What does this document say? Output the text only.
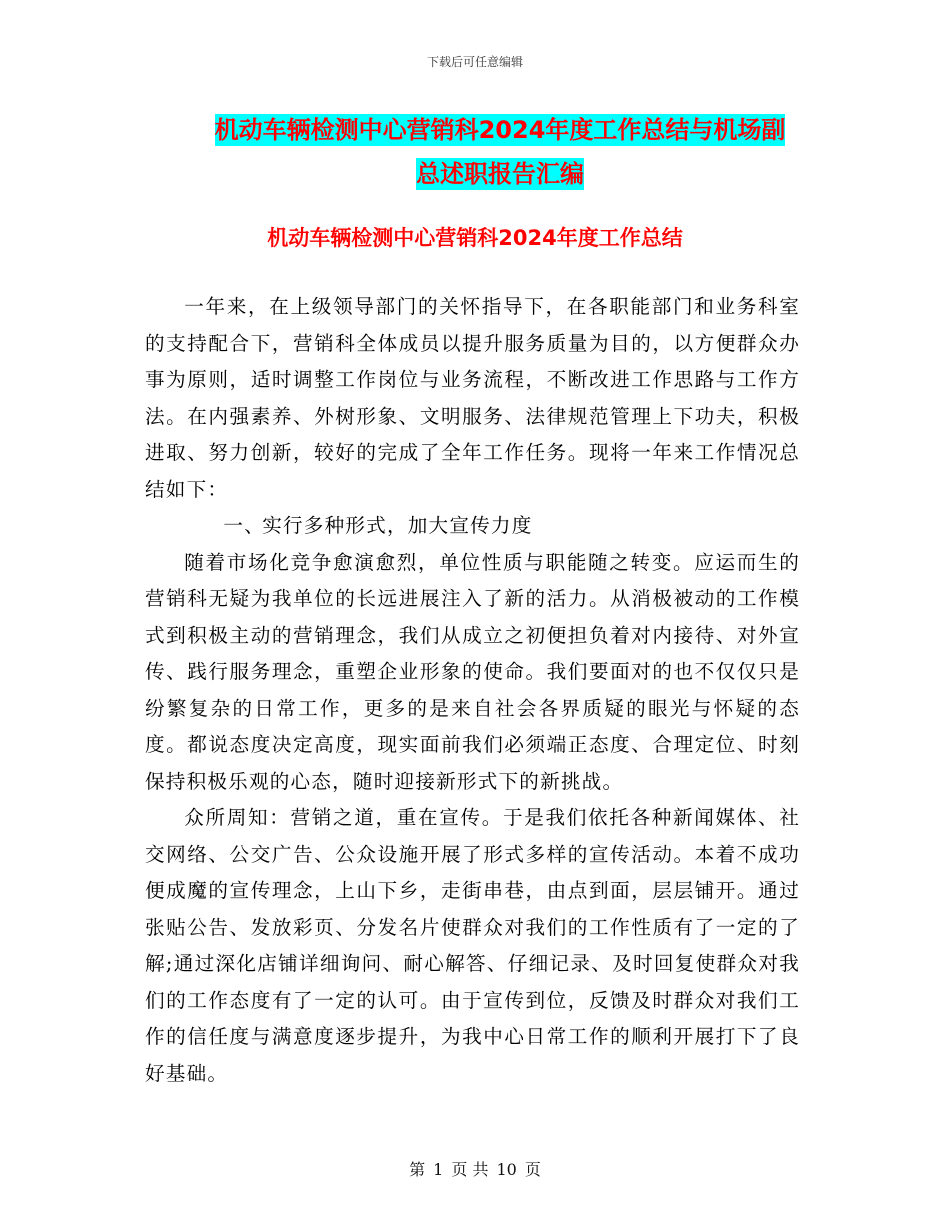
下载后可任意编辑
机动车辆检测中心营销科2024年度工作总结与机场副
总述职报告汇编
机动车辆检测中心营销科2024年度工作总结

一年来，在上级领导部门的关怀指导下，在各职能部门和业务科室的支持配合下，营销科全体成员以提升服务质量为目的，以方便群众办事为原则，适时调整工作岗位与业务流程，不断改进工作思路与工作方法。在内强素养、外树形象、文明服务、法律规范管理上下功夫，积极进取、努力创新，较好的完成了全年工作任务。现将一年来工作情况总结如下：

一、实行多种形式，加大宣传力度

随着市场化竞争愈演愈烈，单位性质与职能随之转变。应运而生的营销科无疑为我单位的长远进展注入了新的活力。从消极被动的工作模式到积极主动的营销理念，我们从成立之初便担负着对内接待、对外宣传、践行服务理念，重塑企业形象的使命。我们要面对的也不仅仅只是纷繁复杂的日常工作，更多的是来自社会各界质疑的眼光与怀疑的态度。都说态度决定高度，现实面前我们必须端正态度、合理定位、时刻保持积极乐观的心态，随时迎接新形式下的新挑战。

众所周知：营销之道，重在宣传。于是我们依托各种新闻媒体、社交网络、公交广告、公众设施开展了形式多样的宣传活动。本着不成功便成魔的宣传理念，上山下乡，走街串巷，由点到面，层层铺开。通过张贴公告、发放彩页、分发名片使群众对我们的工作性质有了一定的了解;通过深化店铺详细询问、耐心解答、仔细记录、及时回复使群众对我们的工作态度有了一定的认可。由于宣传到位，反馈及时群众对我们工作的信任度与满意度逐步提升，为我中心日常工作的顺利开展打下了良好基础。

第 1 页 共 10 页
